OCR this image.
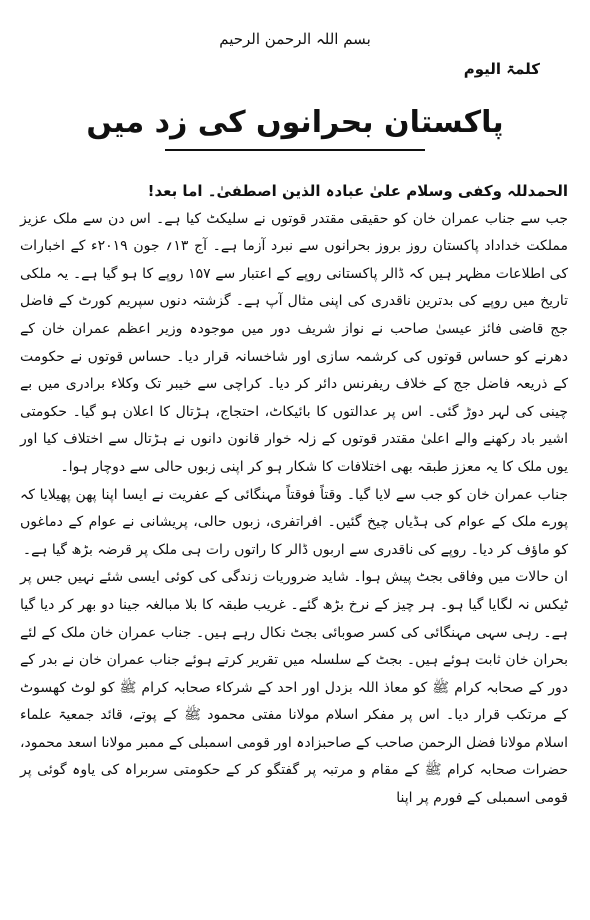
بسم اللہ الرحمن الرحیم
کلمۃ الیوم
پاکستان بحرانوں کی زد میں

الحمدللہ وکفی وسلام علیٰ عبادہ الذین اصطفیٰ۔ اما بعد!

جب سے جناب عمران خان کو حقیقی مقتدر قوتوں نے سلیکٹ کیا ہے۔ اس دن سے ملک عزیز مملکت خداداد پاکستان روز بروز بحرانوں سے نبرد آزما ہے۔ آج ۱۳؍ جون ۲۰۱۹ء کے اخبارات کی اطلاعات مظہر ہیں کہ ڈالر پاکستانی روپے کے اعتبار سے ۱۵۷ روپے کا ہو گیا ہے۔ یہ ملکی تاریخ میں روپے کی بدترین ناقدری کی اپنی مثال آپ ہے۔ گزشتہ دنوں سپریم کورٹ کے فاضل جج قاضی فائز عیسیٰ صاحب نے نواز شریف دور میں موجودہ وزیر اعظم عمران خان کے دھرنے کو حساس قوتوں کی کرشمہ سازی اور شاخسانہ قرار دیا۔ حساس قوتوں نے حکومت کے ذریعہ فاضل جج کے خلاف ریفرنس دائر کر دیا۔ کراچی سے خیبر تک وکلاء برادری میں بے چینی کی لہر دوڑ گئی۔ اس پر عدالتوں کا بائیکاٹ، احتجاج، ہڑتال کا اعلان ہو گیا۔ حکومتی اشیر باد رکھنے والے اعلیٰ مقتدر قوتوں کے زلہ خوار قانون دانوں نے ہڑتال سے اختلاف کیا اور یوں ملک کا یہ معزز طبقہ بھی اختلافات کا شکار ہو کر اپنی زبوں حالی سے دوچار ہوا۔

جناب عمران خان کو جب سے لایا گیا۔ وقتاً فوقتاً مہنگائی کے عفریت نے ایسا اپنا پھن پھیلایا کہ پورے ملک کے عوام کی ہڈیاں چیخ گئیں۔ افراتفری، زبوں حالی، پریشانی نے عوام کے دماغوں کو ماؤف کر دیا۔ روپے کی ناقدری سے اربوں ڈالر کا راتوں رات ہی ملک پر قرضہ بڑھ گیا ہے۔

ان حالات میں وفاقی بجٹ پیش ہوا۔ شاید ضروریات زندگی کی کوئی ایسی شئے نہیں جس پر ٹیکس نہ لگایا گیا ہو۔ ہر چیز کے نرخ بڑھ گئے۔ غریب طبقہ کا بلا مبالغہ جینا دو بھر کر دیا گیا ہے۔ رہی سہی مہنگائی کی کسر صوبائی بجٹ نکال رہے ہیں۔ جناب عمران خان ملک کے لئے بحران خان ثابت ہوئے ہیں۔ بجٹ کے سلسلہ میں تقریر کرتے ہوئے جناب عمران خان نے بدر کے دور کے صحابہ کرام ﷺ کو معاذ اللہ بزدل اور احد کے شرکاء صحابہ کرام ﷺ کو لوٹ کھسوٹ کے مرتکب قرار دیا۔ اس پر مفکر اسلام مولانا مفتی محمود ﷺ کے پوتے، قائد جمعیۃ علماء اسلام مولانا فضل الرحمن صاحب کے صاحبزادہ اور قومی اسمبلی کے ممبر مولانا اسعد محمود، حضرات صحابہ کرام ﷺ کے مقام و مرتبہ پر گفتگو کر کے حکومتی سربراہ کی یاوہ گوئی پر قومی اسمبلی کے فورم پر اپنا
